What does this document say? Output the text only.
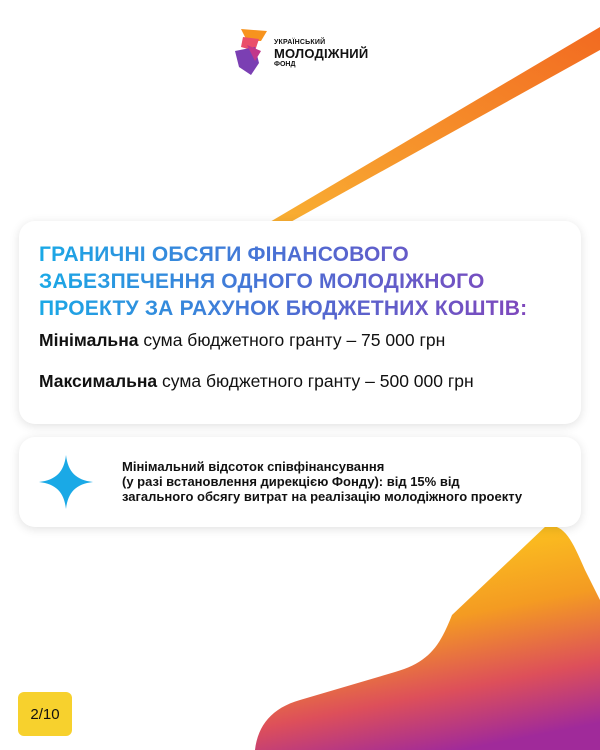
УКРАЇНСЬКИЙ
МОЛОДІЖНИЙ
ФОНД
ГРАНИЧНІ ОБСЯГИ ФІНАНСОВОГО
ЗАБЕЗПЕЧЕННЯ ОДНОГО МОЛОДІЖНОГО
ПРОЕКТУ ЗА РАХУНОК БЮДЖЕТНИХ КОШТІВ:
Мінімальна сума бюджетного гранту – 75 000 грн
Максимальна сума бюджетного гранту – 500 000 грн
Мінімальний відсоток співфінансування
(у разі встановлення дирекцією Фонду): від 15% від
загального обсягу витрат на реалізацію молодіжного проекту
2/10
